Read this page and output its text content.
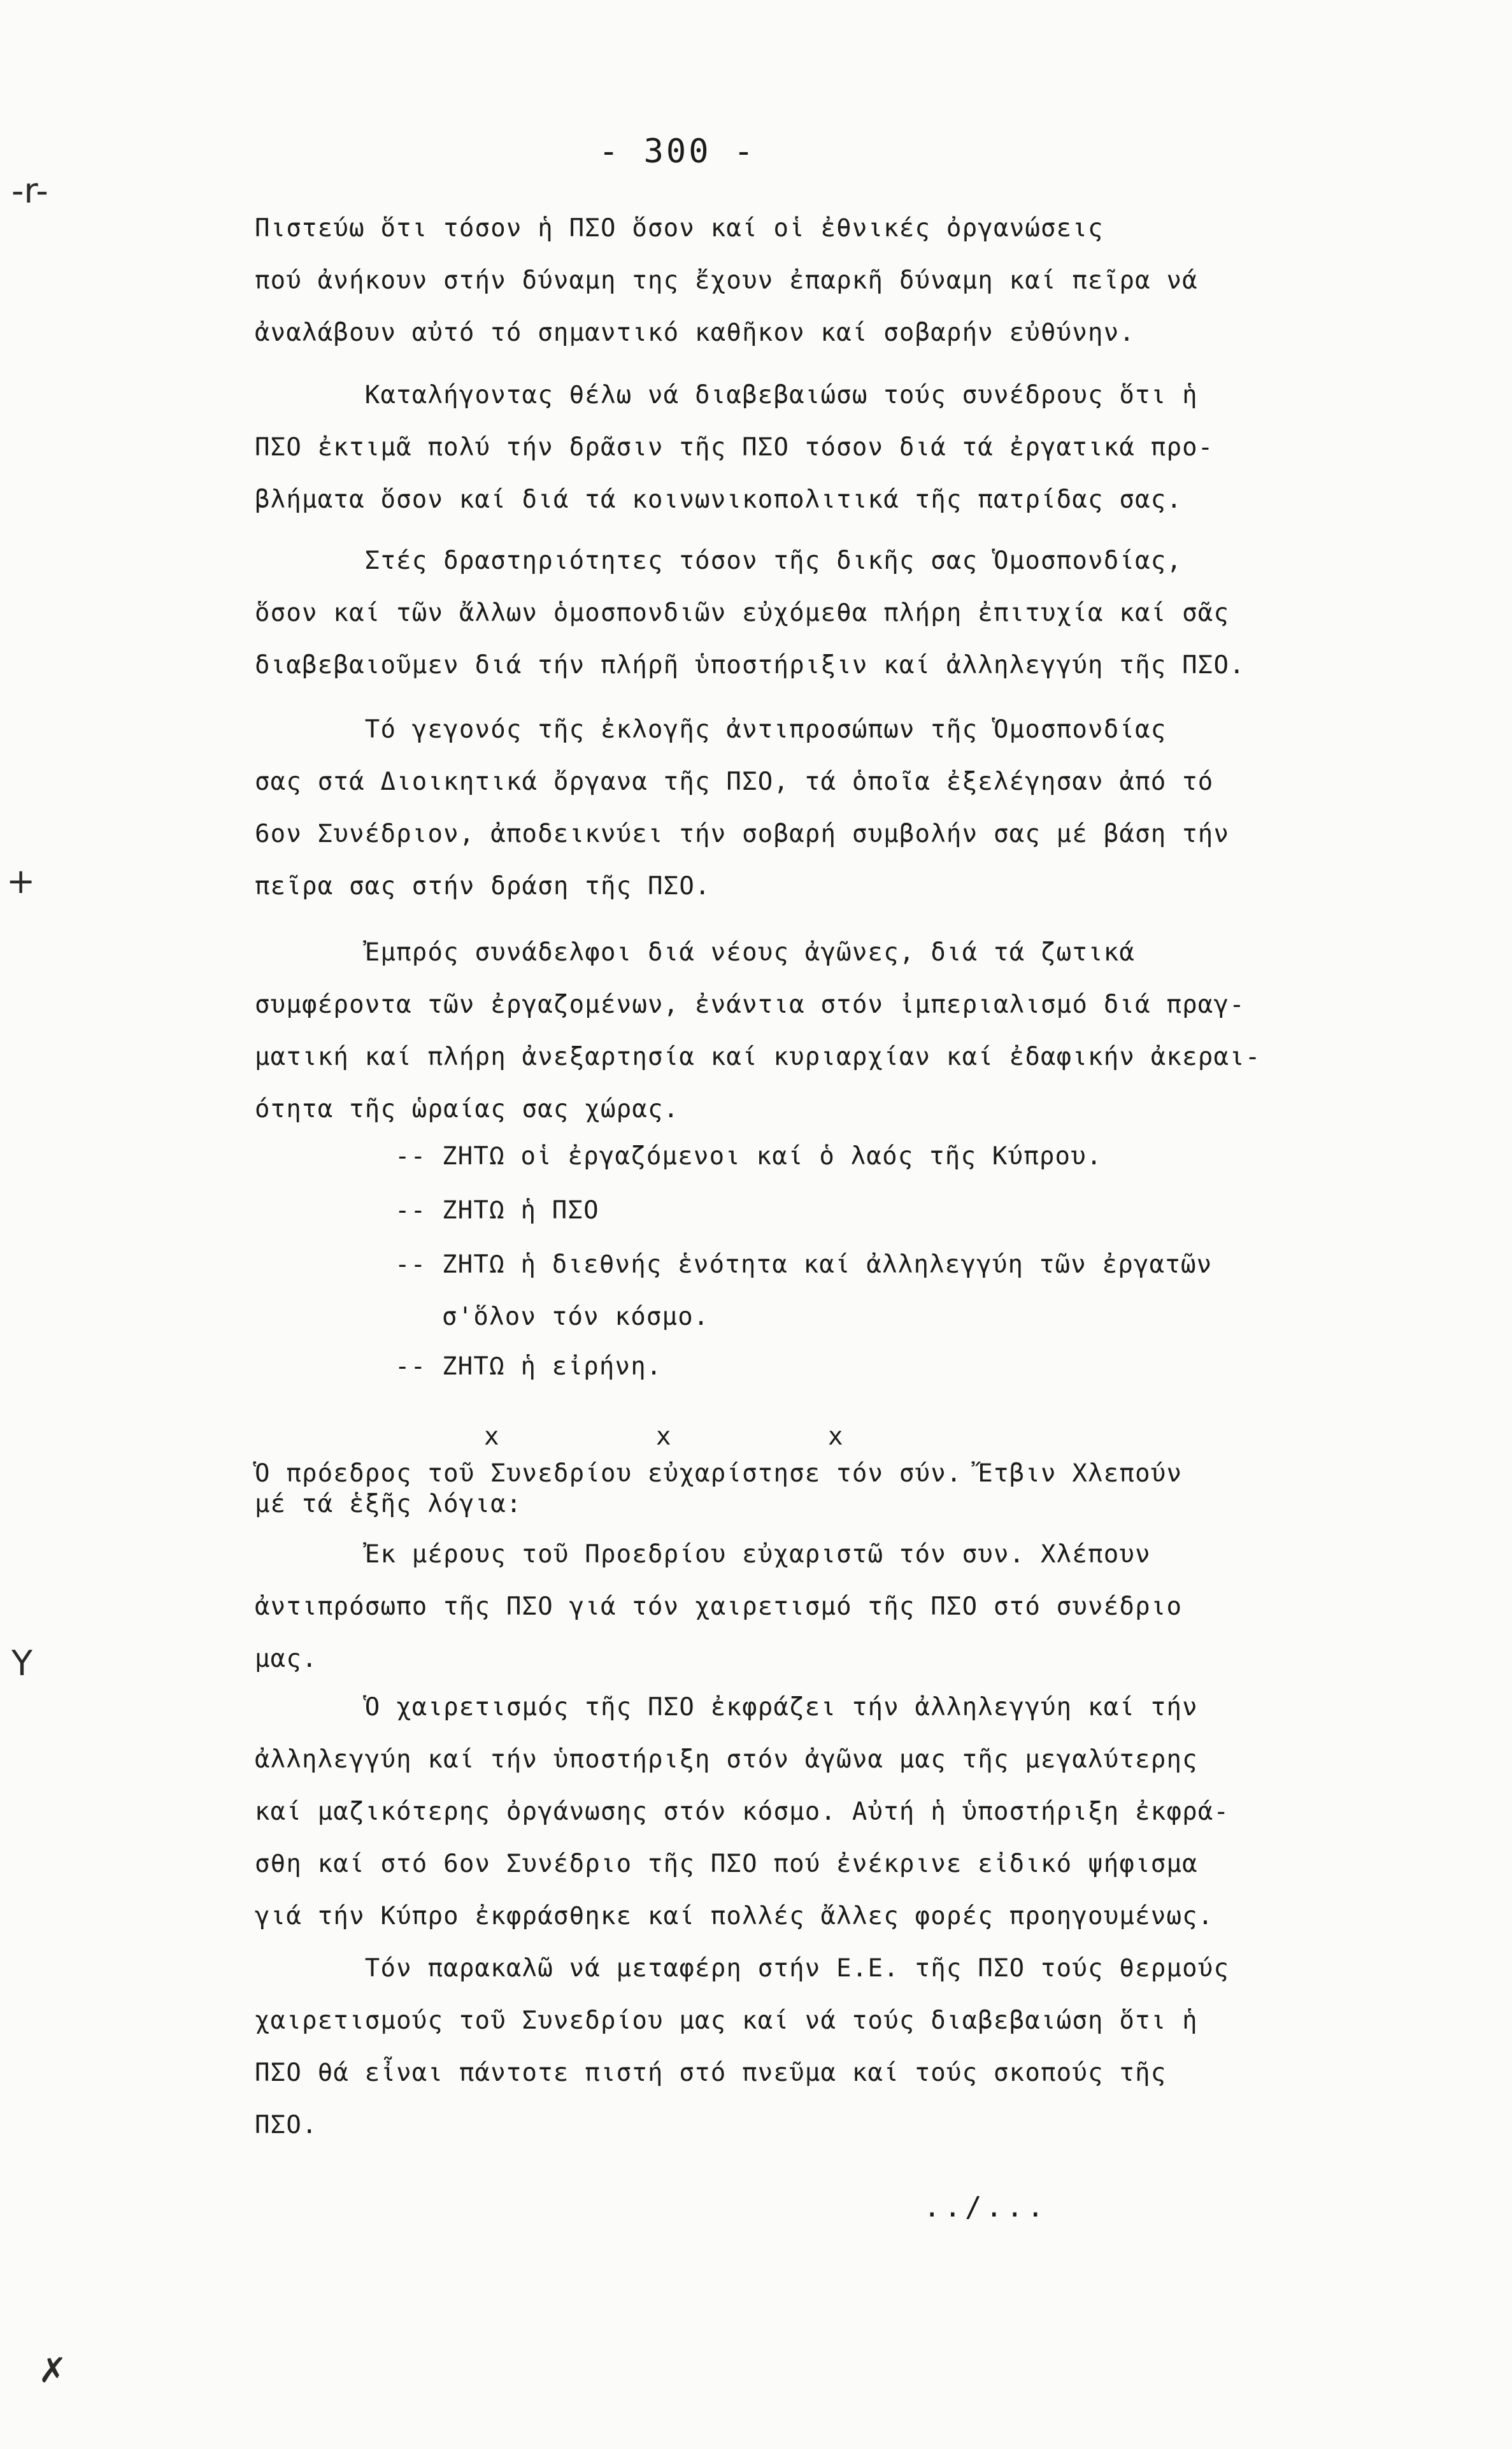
- 300 -
Πιστεύω ὅτι τόσον ἡ ΠΣΟ ὅσον καί οἱ ἐθνικές ὀργανώσεις
πού ἀνήκουν στήν δύναμη της ἔχουν ἐπαρκῆ δύναμη καί πεῖρα νά
ἀναλάβουν αὐτό τό σημαντικό καθῆκον καί σοβαρήν εὐθύνην.
Καταλήγοντας θέλω νά διαβεβαιώσω τούς συνέδρους ὅτι ἡ
ΠΣΟ ἐκτιμᾶ πολύ τήν δρᾶσιν τῆς ΠΣΟ τόσον διά τά ἐργατικά προ-
βλήματα ὅσον καί διά τά κοινωνικοπολιτικά τῆς πατρίδας σας.
Στές δραστηριότητες τόσον τῆς δικῆς σας Ὁμοσπονδίας,
ὅσον καί τῶν ἄλλων ὁμοσπονδιῶν εὐχόμεθα πλήρη ἐπιτυχία καί σᾶς
διαβεβαιοῦμεν διά τήν πλήρῆ ὑποστήριξιν καί ἀλληλεγγύη τῆς ΠΣΟ.
Τό γεγονός τῆς ἐκλογῆς ἀντιπροσώπων τῆς Ὁμοσπονδίας
σας στά Διοικητικά ὄργανα τῆς ΠΣΟ, τά ὁποῖα ἐξελέγησαν ἀπό τό
6ον Συνέδριον, ἀποδεικνύει τήν σοβαρή συμβολήν σας μέ βάση τήν
πεῖρα σας στήν δράση τῆς ΠΣΟ.
Ἐμπρός συνάδελφοι διά νέους ἀγῶνες, διά τά ζωτικά
συμφέροντα τῶν ἐργαζομένων, ἐνάντια στόν ἰμπεριαλισμό διά πραγ-
ματική καί πλήρη ἀνεξαρτησία καί κυριαρχίαν καί ἐδαφικήν ἀκεραι-
ότητα τῆς ὡραίας σας χώρας.
-- ΖΗΤΩ οἱ ἐργαζόμενοι καί ὁ λαός τῆς Κύπρου.
-- ΖΗΤΩ ἡ ΠΣΟ
-- ΖΗΤΩ ἡ διεθνής ἑνότητα καί ἀλληλεγγύη τῶν ἐργατῶν
σ'ὅλον τόν κόσμο.
-- ΖΗΤΩ ἡ εἰρήνη.
x	x	x
Ὁ πρόεδρος τοῦ Συνεδρίου εὐχαρίστησε τόν σύν. Ἔτβιν Χλεπούν
μέ τά ἑξῆς λόγια:
Ἐκ μέρους τοῦ Προεδρίου εὐχαριστῶ τόν συν. Χλέπουν
ἀντιπρόσωπο τῆς ΠΣΟ γιά τόν χαιρετισμό τῆς ΠΣΟ στό συνέδριο
μας.
Ὁ χαιρετισμός τῆς ΠΣΟ ἐκφράζει τήν ἀλληλεγγύη καί τήν
ἀλληλεγγύη καί τήν ὑποστήριξη στόν ἀγῶνα μας τῆς μεγαλύτερης
καί μαζικότερης ὀργάνωσης στόν κόσμο. Αὐτή ἡ ὑποστήριξη ἐκφρά-
σθη καί στό 6ον Συνέδριο τῆς ΠΣΟ πού ἐνέκρινε εἰδικό ψήφισμα
γιά τήν Κύπρο ἐκφράσθηκε καί πολλές ἄλλες φορές προηγουμένως.
Τόν παρακαλῶ νά μεταφέρη στήν Ε.Ε. τῆς ΠΣΟ τούς θερμούς
χαιρετισμούς τοῦ Συνεδρίου μας καί νά τούς διαβεβαιώση ὅτι ἡ
ΠΣΟ θά εἶναι πάντοτε πιστή στό πνεῦμα καί τούς σκοπούς τῆς
ΠΣΟ.
../...
-r-
+
Y
✗
